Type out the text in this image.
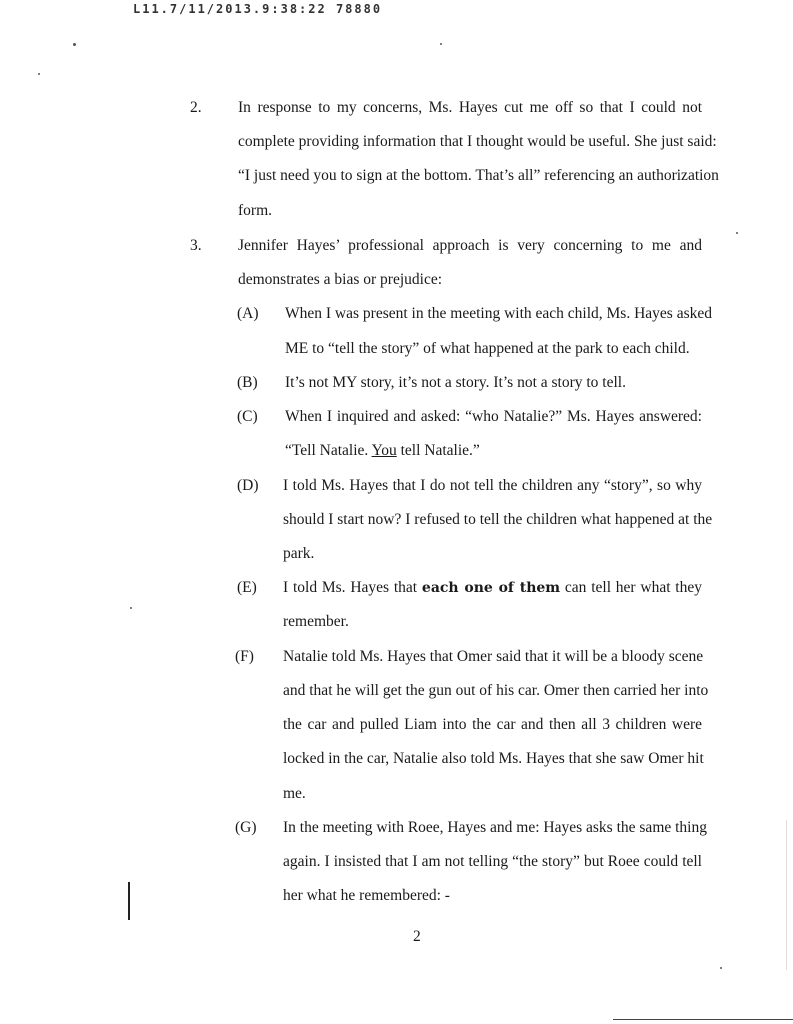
L11.7/11/2013.9:38:22 78880
2. In response to my concerns, Ms. Hayes cut me off so that I could not
complete providing information that I thought would be useful. She just said:
“I just need you to sign at the bottom. That’s all” referencing an authorization
form.
3. Jennifer Hayes’ professional approach is very concerning to me and
demonstrates a bias or prejudice:
(A) When I was present in the meeting with each child, Ms. Hayes asked
ME to “tell the story” of what happened at the park to each child.
(B) It’s not MY story, it’s not a story. It’s not a story to tell.
(C) When I inquired and asked: “who Natalie?” Ms. Hayes answered:
“Tell Natalie. You tell Natalie.”
(D) I told Ms. Hayes that I do not tell the children any “story”, so why
should I start now? I refused to tell the children what happened at the
park.
(E) I told Ms. Hayes that each one of them can tell her what they
remember.
(F) Natalie told Ms. Hayes that Omer said that it will be a bloody scene
and that he will get the gun out of his car. Omer then carried her into
the car and pulled Liam into the car and then all 3 children were
locked in the car, Natalie also told Ms. Hayes that she saw Omer hit
me.
(G) In the meeting with Roee, Hayes and me: Hayes asks the same thing
again. I insisted that I am not telling “the story” but Roee could tell
her what he remembered: -
2
